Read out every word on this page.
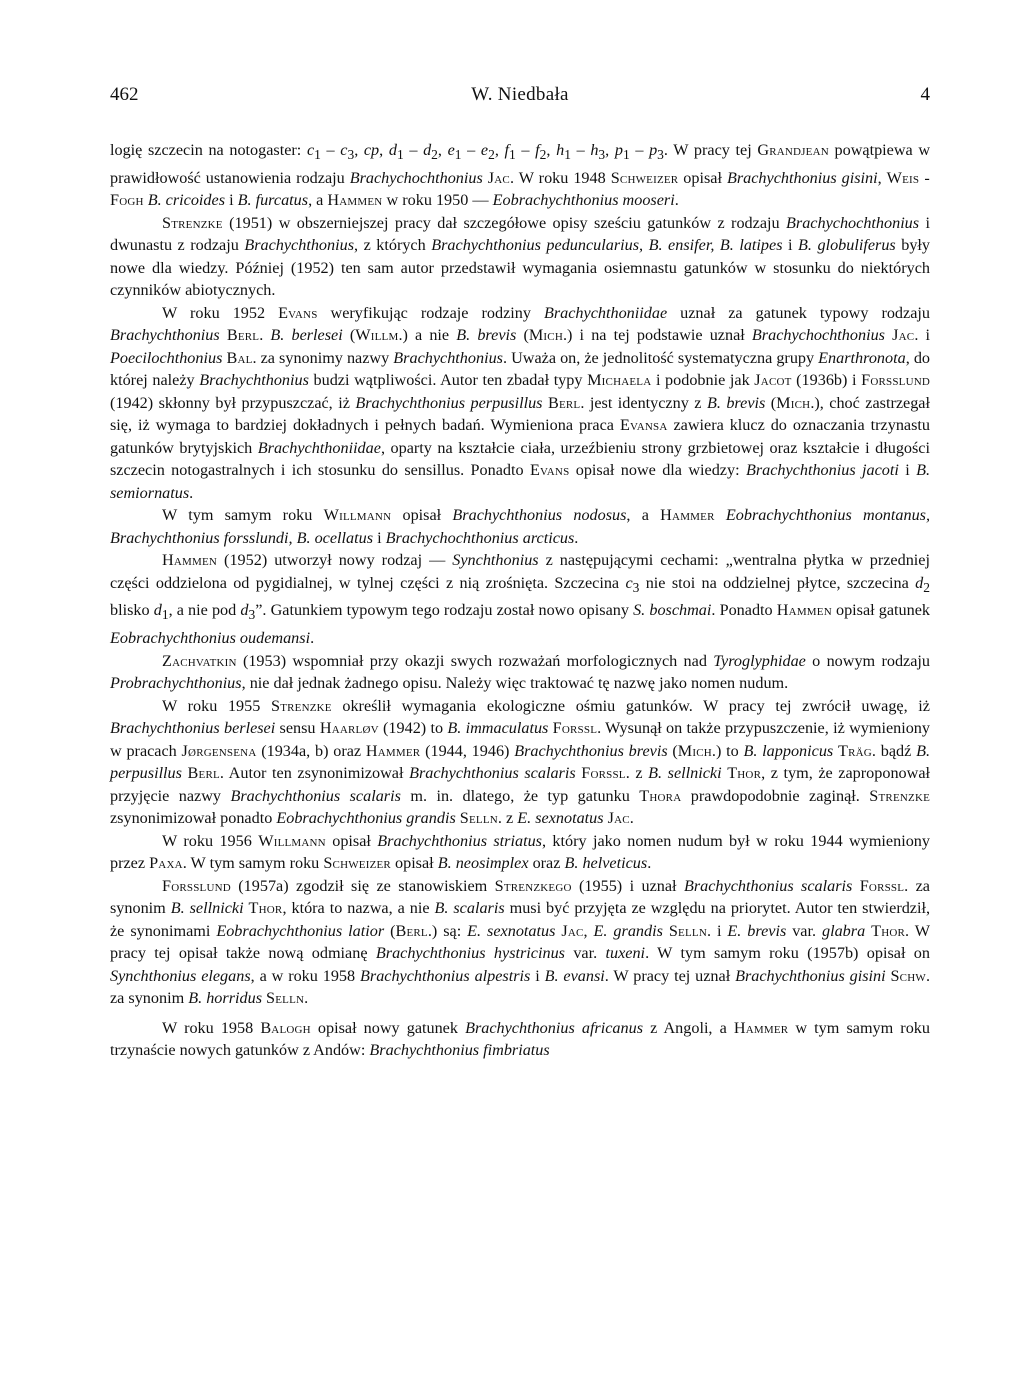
462	W. Niedbała	4

logię szczecin na notogaster: $c_1 - c_3$, cp, $d_1 - d_2$, $e_1 - e_2$, $f_1 - f_2$, $h_1 - h_3$, $p_1 - p_3$. W pracy tej Grandjean powątpiewa w prawidłowość ustanowienia rodzaju Brachychochthonius Jac. W roku 1948 Schweizer opisał Brachychthonius gisini, Weis - Fogh B. cricoides i B. furcatus, a Hammen w roku 1950 — Eobrachychthonius mooseri.

Strenzke (1951) w obszerniejszej pracy dał szczegółowe opisy sześciu gatunków z rodzaju Brachychochthonius i dwunastu z rodzaju Brachychthonius, z których Brachychthonius peduncularius, B. ensifer, B. latipes i B. globuliferus były nowe dla wiedzy. Później (1952) ten sam autor przedstawił wymagania osiemnastu gatunków w stosunku do niektórych czynników abiotycznych.

W roku 1952 Evans weryfikując rodzaje rodziny Brachychthoniidae uznał za gatunek typowy rodzaju Brachychthonius Berl. B. berlesei (Willm.) a nie B. brevis (Mich.) i na tej podstawie uznał Brachychochthonius Jac. i Poecilochthonius Bal. za synonimy nazwy Brachychthonius. Uważa on, że jednolitość systematyczna grupy Enarthronota, do której należy Brachychthonius budzi wątpliwości. Autor ten zbadał typy Michaela i podobnie jak Jacot (1936b) i Forsslund (1942) skłonny był przypuszczać, iż Brachychthonius perpusillus Berl. jest identyczny z B. brevis (Mich.), choć zastrzegał się, iż wymaga to bardziej dokładnych i pełnych badań. Wymieniona praca Evansa zawiera klucz do oznaczania trzynastu gatunków brytyjskich Brachychthoniidae, oparty na kształcie ciała, urzeźbieniu strony grzbietowej oraz kształcie i długości szczecin notogastralnych i ich stosunku do sensillus. Ponadto Evans opisał nowe dla wiedzy: Brachychthonius jacoti i B. semiornatus.

W tym samym roku Willmann opisał Brachychthonius nodosus, a Hammer Eobrachychthonius montanus, Brachychthonius forsslundi, B. ocellatus i Brachychochthonius arcticus.

Hammen (1952) utworzył nowy rodzaj — Synchthonius z następującymi cechami: „wentralna płytka w przedniej części oddzielona od pygidialnej, w tylnej części z nią zrośnięta. Szczecina $c_3$ nie stoi na oddzielnej płytce, szczecina $d_2$ blisko $d_1$, a nie pod $d_3$”. Gatunkiem typowym tego rodzaju został nowo opisany S. boschmai. Ponadto Hammen opisał gatunek Eobrachychthonius oudemansi.

Zachvatkin (1953) wspomniał przy okazji swych rozważań morfologicznych nad Tyroglyphidae o nowym rodzaju Probrachychthonius, nie dał jednak żadnego opisu. Należy więc traktować tę nazwę jako nomen nudum.

W roku 1955 Strenzke określił wymagania ekologiczne ośmiu gatunków. W pracy tej zwrócił uwagę, iż Brachychthonius berlesei sensu Haarløv (1942) to B. immaculatus Forssl. Wysunął on także przypuszczenie, iż wymieniony w pracach Jørgensena (1934a, b) oraz Hammer (1944, 1946) Brachychthonius brevis (Mich.) to B. lapponicus Träg. bądź B. perpusillus Berl. Autor ten zsynonimizował Brachychthonius scalaris Forssl. z B. sellnicki Thor, z tym, że zaproponował przyjęcie nazwy Brachychthonius scalaris m. in. dlatego, że typ gatunku Thora prawdopodobnie zaginął. Strenzke zsynonimizował ponadto Eobrachychthonius grandis Selln. z E. sexnotatus Jac.

W roku 1956 Willmann opisał Brachychthonius striatus, który jako nomen nudum był w roku 1944 wymieniony przez Paxa. W tym samym roku Schweizer opisał B. neosimplex oraz B. helveticus.

Forsslund (1957a) zgodził się ze stanowiskiem Strenzkego (1955) i uznał Brachychthonius scalaris Forssl. za synonim B. sellnicki Thor, która to nazwa, a nie B. scalaris musi być przyjęta ze względu na priorytet. Autor ten stwierdził, że synonimami Eobrachychthonius latior (Berl.) są: E. sexnotatus Jac, E. grandis Selln. i E. brevis var. glabra Thor. W pracy tej opisał także nową odmianę Brachychthonius hystricinus var. tuxeni. W tym samym roku (1957b) opisał on Synchthonius elegans, a w roku 1958 Brachychthonius alpestris i B. evansi. W pracy tej uznał Brachychthonius gisini Schw. za synonim B. horridus Selln.

W roku 1958 Balogh opisał nowy gatunek Brachychthonius africanus z Angoli, a Hammer w tym samym roku trzynaście nowych gatunków z Andów: Brachychthonius fimbriatus
